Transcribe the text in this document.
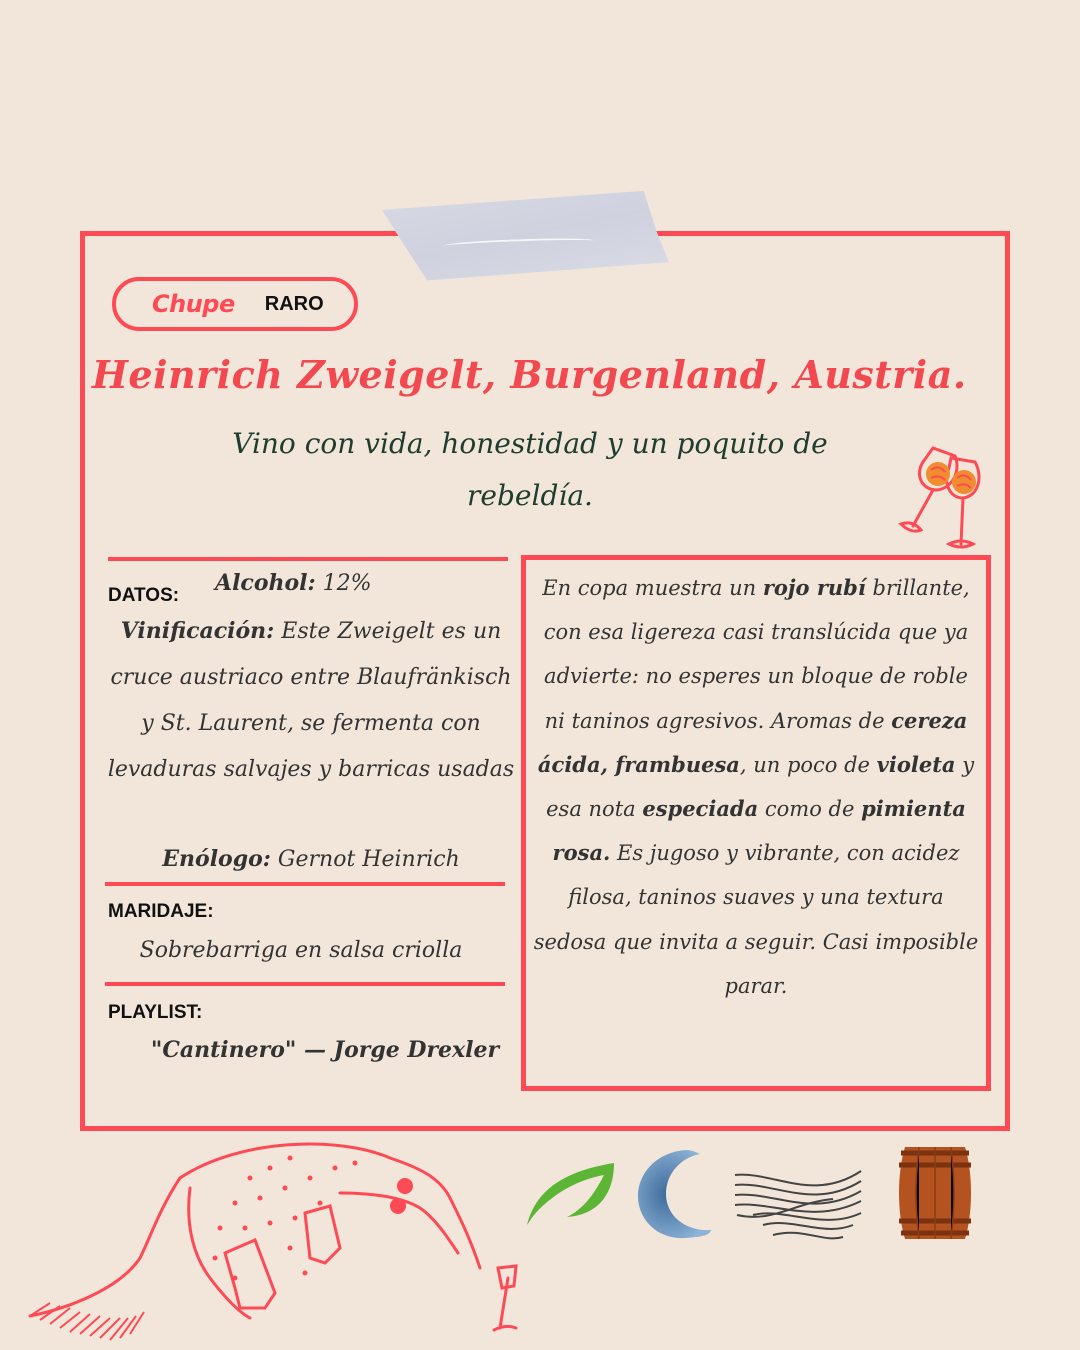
Chupe RARO
Heinrich Zweigelt, Burgenland, Austria.
Vino con vida, honestidad y un poquito de rebeldía.
DATOS: Alcohol: 12%
Vinificación: Este Zweigelt es un cruce austriaco entre Blaufränkisch y St. Laurent, se fermenta con levaduras salvajes y barricas usadas
Enólogo: Gernot Heinrich
MARIDAJE:
Sobrebarriga en salsa criolla
PLAYLIST:
"Cantinero" — Jorge Drexler
En copa muestra un rojo rubí brillante, con esa ligereza casi translúcida que ya advierte: no esperes un bloque de roble ni taninos agresivos. Aromas de cereza ácida, frambuesa, un poco de violeta y esa nota especiada como de pimienta rosa. Es jugoso y vibrante, con acidez filosa, taninos suaves y una textura sedosa que invita a seguir. Casi imposible parar.
